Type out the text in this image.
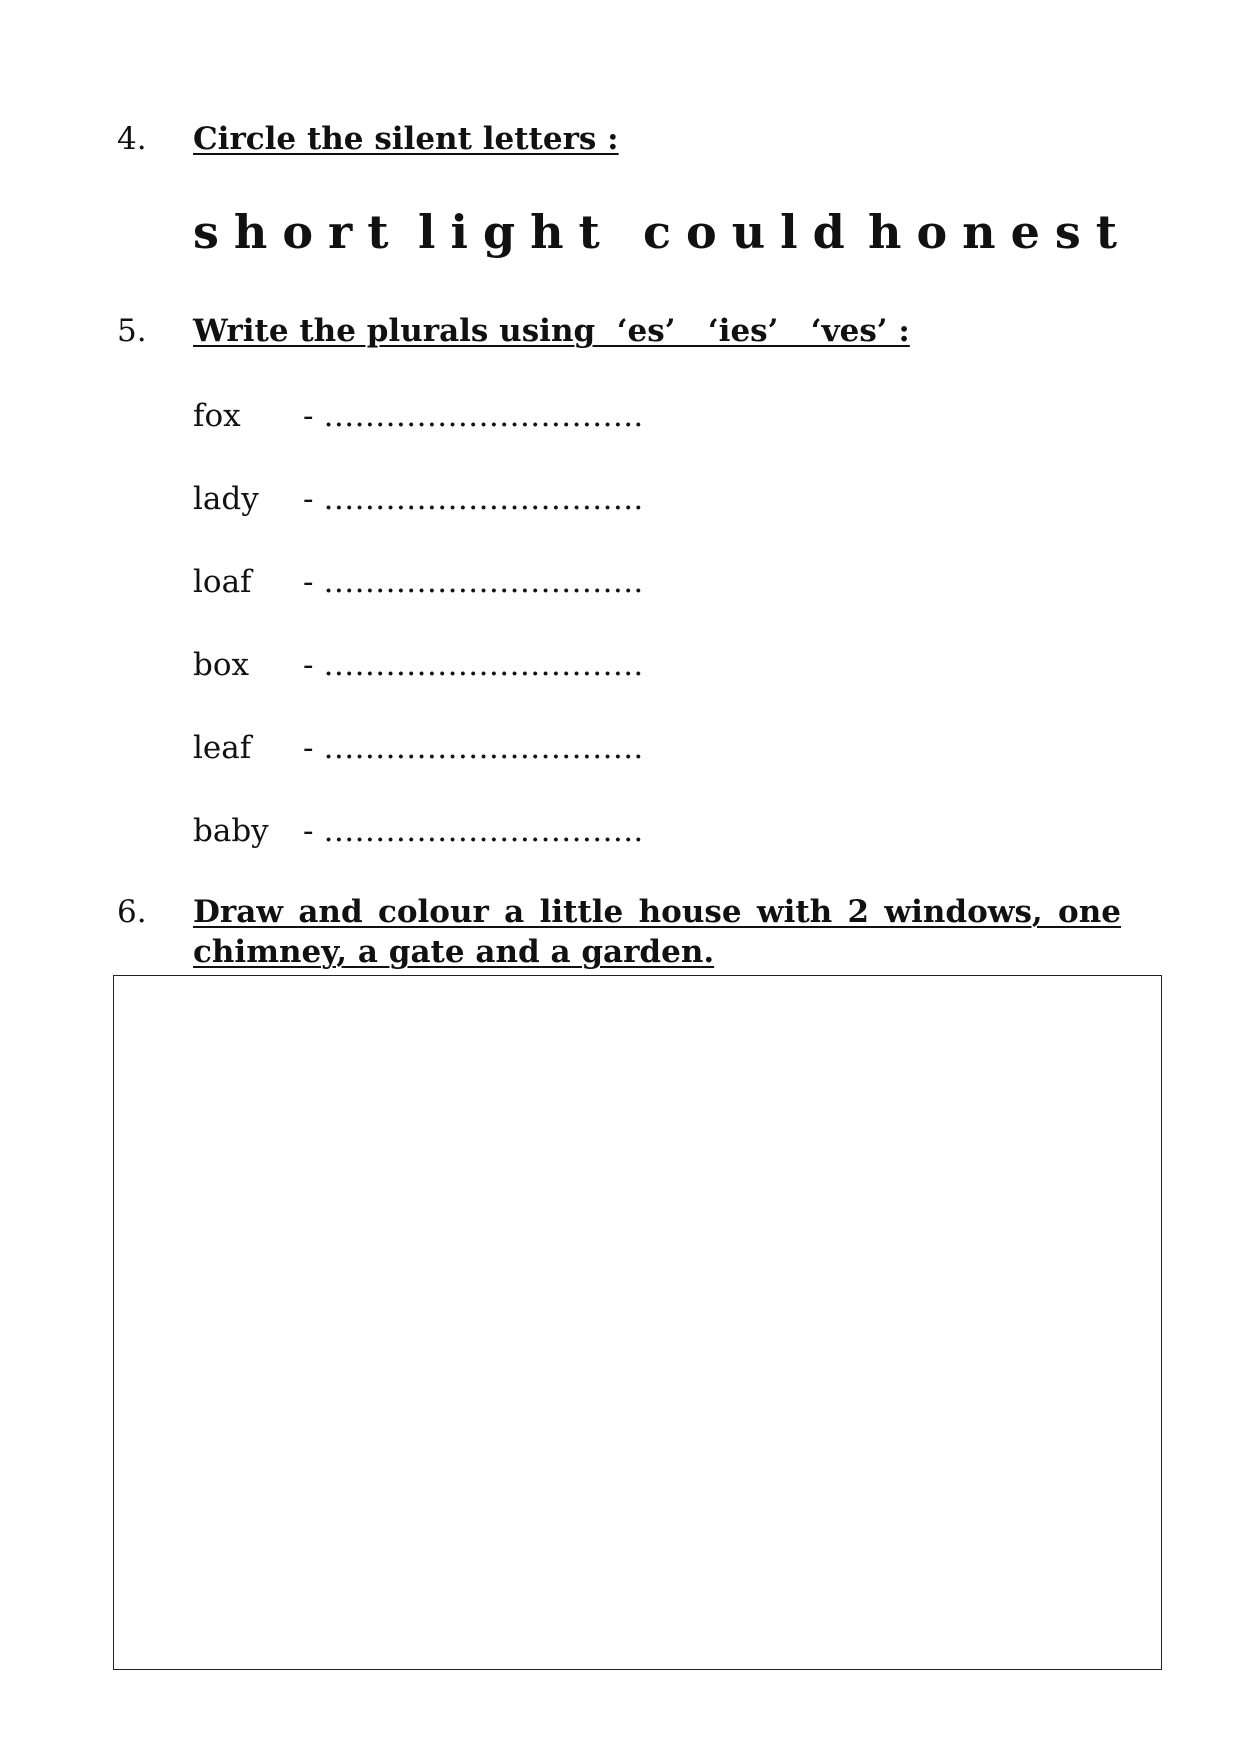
4. Circle the silent letters :
short light could honest
5. Write the plurals using  ‘es’   ‘ies’   ‘ves’ :
fox - ………………………….
lady - ………………………….
loaf - ………………………….
box - ………………………….
leaf - ………………………….
baby - ………………………….
6. Draw and colour a little house with 2 windows, one chimney, a gate and a garden.
